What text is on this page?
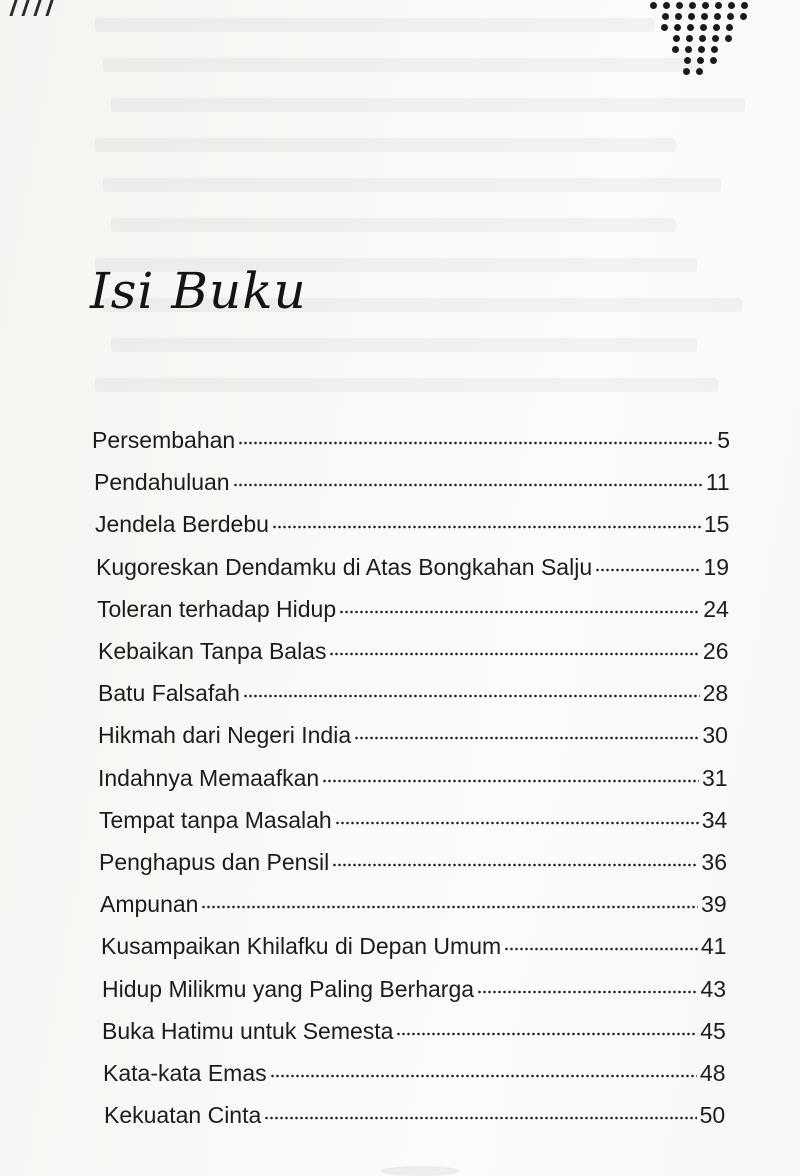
Isi Buku
Persembahan	5
Pendahuluan	11
Jendela Berdebu	15
Kugoreskan Dendamku di Atas Bongkahan Salju	19
Toleran terhadap Hidup	24
Kebaikan Tanpa Balas	26
Batu Falsafah	28
Hikmah dari Negeri India	30
Indahnya Memaafkan	31
Tempat tanpa Masalah	34
Penghapus dan Pensil	36
Ampunan	39
Kusampaikan Khilafku di Depan Umum	41
Hidup Milikmu yang Paling Berharga	43
Buka Hatimu untuk Semesta	45
Kata-kata Emas	48
Kekuatan Cinta	50
